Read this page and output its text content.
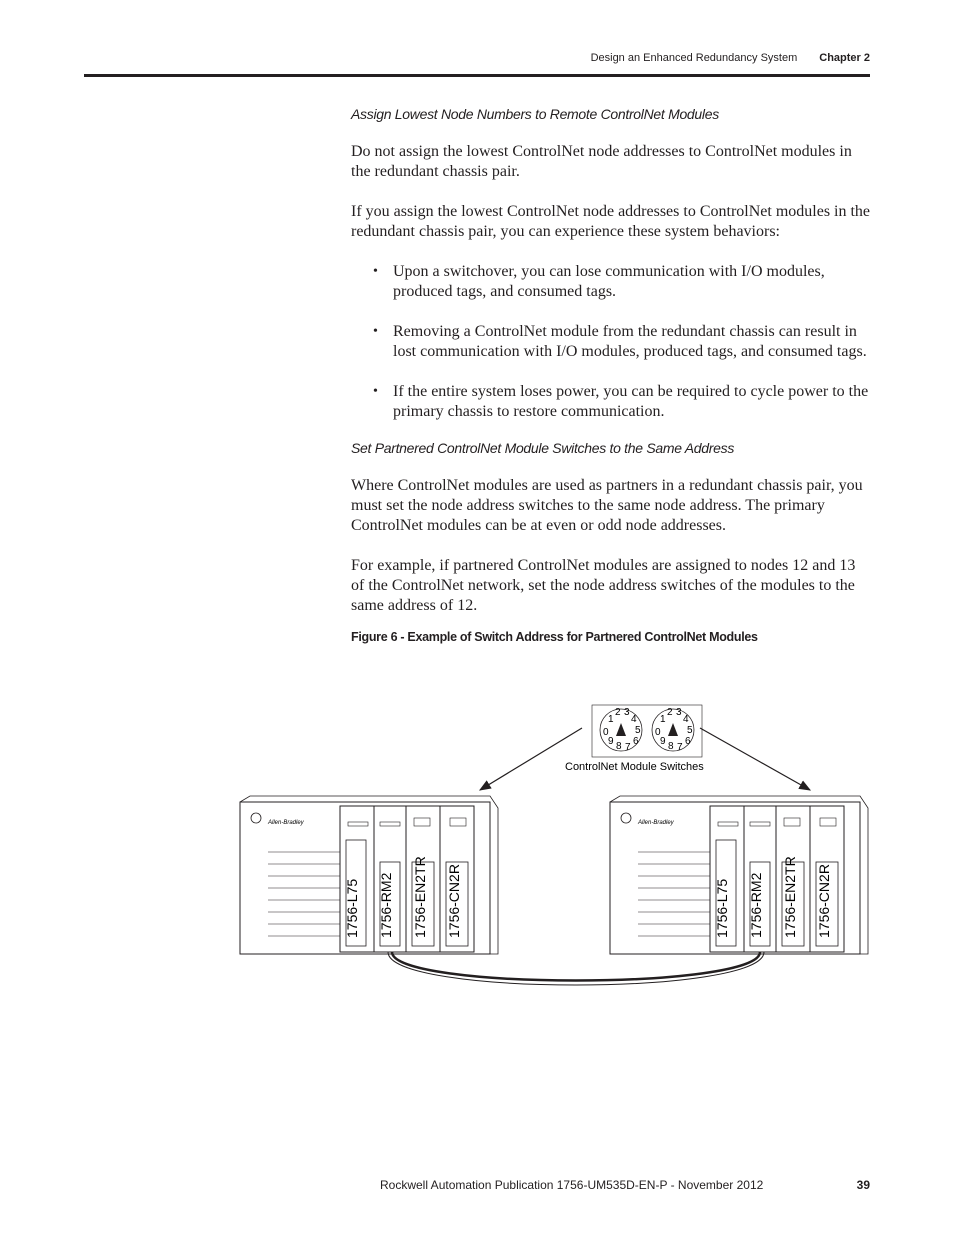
Design an Enhanced Redundancy System Chapter 2
Assign Lowest Node Numbers to Remote ControlNet Modules

Do not assign the lowest ControlNet node addresses to ControlNet modules in the redundant chassis pair.

If you assign the lowest ControlNet node addresses to ControlNet modules in the redundant chassis pair, you can experience these system behaviors:

• Upon a switchover, you can lose communication with I/O modules, produced tags, and consumed tags.
• Removing a ControlNet module from the redundant chassis can result in lost communication with I/O modules, produced tags, and consumed tags.
• If the entire system loses power, you can be required to cycle power to the primary chassis to restore communication.
Set Partnered ControlNet Module Switches to the Same Address

Where ControlNet modules are used as partners in a redundant chassis pair, you must set the node address switches to the same node address. The primary ControlNet modules can be at even or odd node addresses.

For example, if partnered ControlNet modules are assigned to nodes 12 and 13 of the ControlNet network, set the node address switches of the modules to the same address of 12.

Figure 6 - Example of Switch Address for Partnered ControlNet Modules
0
1
2 3
4
5
6
7
8
9
Allen-Bradley
ControlNet Module Switches
1756-L75 1756-RM2 1756-EN2TR 1756-CN2R	1756-L75 1756-RM2 1756-EN2TR 1756-CN2R
Rockwell Automation Publication 1756-UM535D-EN-P - November 2012	39
